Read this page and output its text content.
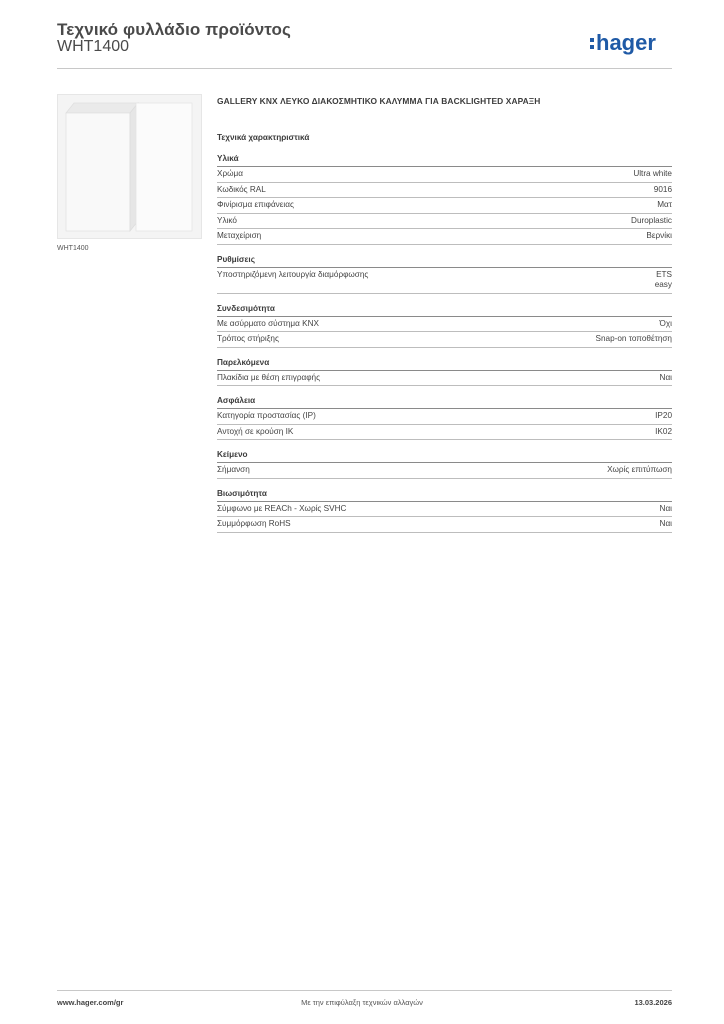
Τεχνικό φυλλάδιο προϊόντος
WHT1400	hager
WHT1400
GALLERY KNX ΛΕΥΚΟ ΔΙΑΚΟΣΜΗΤΙΚΟ ΚΑΛΥΜΜΑ ΓΙΑ BACKLIGHTED ΧΑΡΑΞΗ
Τεχνικά χαρακτηριστικά
Υλικά
Χρώμα	Ultra white
Κωδικός RAL	9016
Φινίρισμα επιφάνειας	Ματ
Υλικό	Duroplastic
Μεταχείριση	Βερνίκι
Ρυθμίσεις
Υποστηριζόμενη λειτουργία διαμόρφωσης	ETS
easy
Συνδεσιμότητα
Με ασύρματο σύστημα KNX	Όχι
Τρόπος στήριξης	Snap-on τοποθέτηση
Παρελκόμενα
Πλακίδια με θέση επιγραφής	Ναι
Ασφάλεια
Κατηγορία προστασίας (IP)	IP20
Αντοχή σε κρούση IK	IK02
Κείμενο
Σήμανση	Χωρίς επιτύπωση
Βιωσιμότητα
Σύμφωνο με REACh - Χωρίς SVHC	Ναι
Συμμόρφωση RoHS	Ναι
www.hager.com/gr	Με την επιφύλαξη τεχνικών αλλαγών	13.03.2026
